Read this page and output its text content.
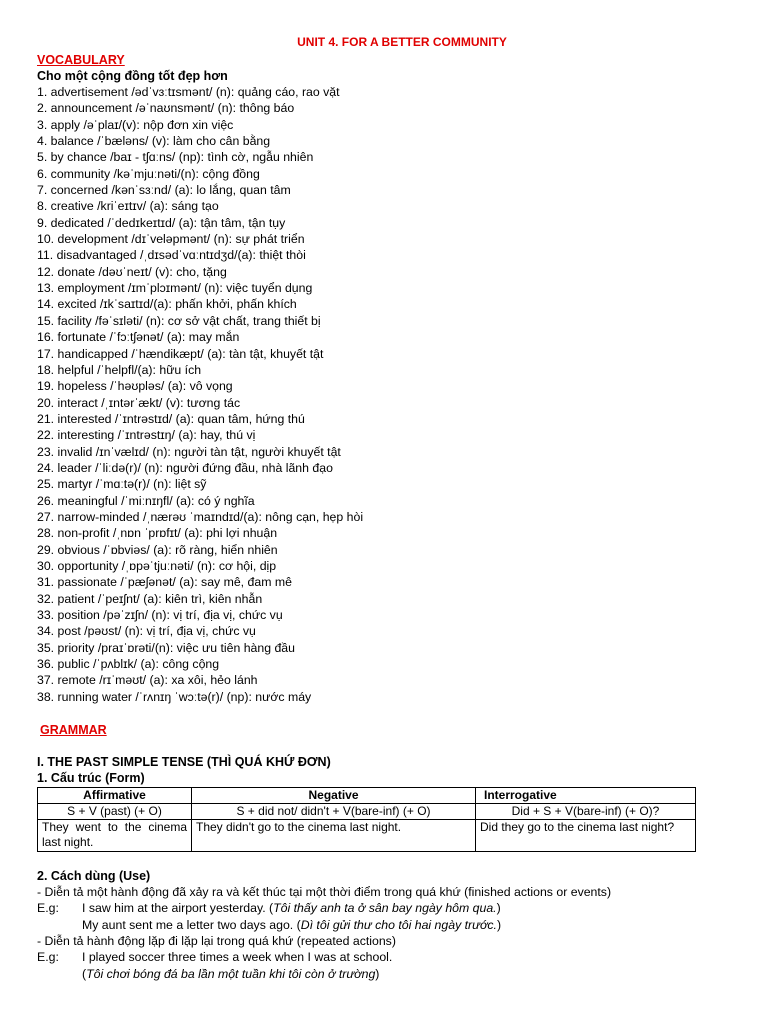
UNIT 4. FOR A BETTER COMMUNITY
VOCABULARY
Cho một cộng đồng tốt đẹp hơn
1. advertisement /ədˈvɜːtɪsmənt/ (n): quảng cáo, rao vặt
2. announcement /əˈnaʊnsmənt/ (n): thông báo
3. apply /əˈplaɪ/(v): nộp đơn xin việc
4. balance /ˈbæləns/ (v): làm cho cân bằng
5. by chance /baɪ - tʃɑːns/ (np): tình cờ, ngẫu nhiên
6. community /kəˈmjuːnəti/(n): cộng đồng
7. concerned /kənˈsɜːnd/ (a): lo lắng, quan tâm
8. creative /kriˈeɪtɪv/ (a): sáng tạo
9. dedicated /ˈdedɪkeɪtɪd/ (a): tận tâm, tận tụy
10. development /dɪˈveləpmənt/ (n): sự phát triển
11. disadvantaged /ˌdɪsədˈvɑːntɪdʒd/(a): thiệt thòi
12. donate /dəʊˈneɪt/ (v): cho, tặng
13. employment /ɪmˈplɔɪmənt/ (n): việc tuyển dụng
14. excited /ɪkˈsaɪtɪd/(a): phấn khởi, phấn khích
15. facility /fəˈsɪləti/ (n): cơ sở vật chất, trang thiết bị
16. fortunate /ˈfɔːtʃənət/ (a): may mắn
17. handicapped /ˈhændikæpt/ (a): tàn tật, khuyết tật
18. helpful /ˈhelpfl/(a): hữu ích
19. hopeless /ˈhəʊpləs/ (a): vô vọng
20. interact /ˌɪntərˈækt/ (v): tương tác
21. interested /ˈɪntrəstɪd/ (a): quan tâm, hứng thú
22. interesting /ˈɪntrəstɪŋ/ (a): hay, thú vị
23. invalid /ɪnˈvælɪd/ (n): người tàn tật, người khuyết tật
24. leader /ˈliːdə(r)/ (n): người đứng đầu, nhà lãnh đạo
25. martyr /ˈmɑːtə(r)/ (n): liệt sỹ
26. meaningful /ˈmiːnɪŋfl/ (a): có ý nghĩa
27. narrow-minded /ˌnærəʊ ˈmaɪndɪd/(a): nông cạn, hẹp hòi
28. non-profit /ˌnɒn ˈprɒfɪt/ (a): phi lợi nhuận
29. obvious /ˈɒbviəs/ (a): rõ ràng, hiển nhiên
30. opportunity /ˌɒpəˈtjuːnəti/ (n): cơ hội, dịp
31. passionate /ˈpæʃənət/ (a): say mê, đam mê
32. patient /ˈpeɪʃnt/ (a): kiên trì, kiên nhẫn
33. position /pəˈzɪʃn/ (n): vị trí, địa vị, chức vụ
34. post /pəʊst/ (n): vị trí, địa vị, chức vụ
35. priority /praɪˈɒrəti/(n): việc ưu tiên hàng đầu
36. public /ˈpʌblɪk/ (a): công cộng
37. remote /rɪˈməʊt/ (a): xa xôi, hẻo lánh
38. running water /ˈrʌnɪŋ ˈwɔːtə(r)/ (np): nước máy
GRAMMAR
I. THE PAST SIMPLE TENSE (THÌ QUÁ KHỨ ĐƠN)
1. Cấu trúc (Form)
Affirmative	Negative	Interrogative
S + V (past) (+ O)	S + did not/ didn't + V(bare-inf) (+ O)	Did + S + V(bare-inf) (+ O)?
They went to the cinema last night.	They didn't go to the cinema last night.	Did they go to the cinema last night?
2. Cách dùng (Use)
- Diễn tả một hành động đã xảy ra và kết thúc tại một thời điểm trong quá khứ (finished actions or events)
E.g:	I saw him at the airport yesterday. (Tôi thấy anh ta ở sân bay ngày hôm qua.)
My aunt sent me a letter two days ago. (Dì tôi gửi thư cho tôi hai ngày trước.)
- Diễn tả hành động lặp đi lặp lại trong quá khứ (repeated actions)
E.g:	I played soccer three times a week when I was at school.
(Tôi chơi bóng đá ba lần một tuần khi tôi còn ở trường)
